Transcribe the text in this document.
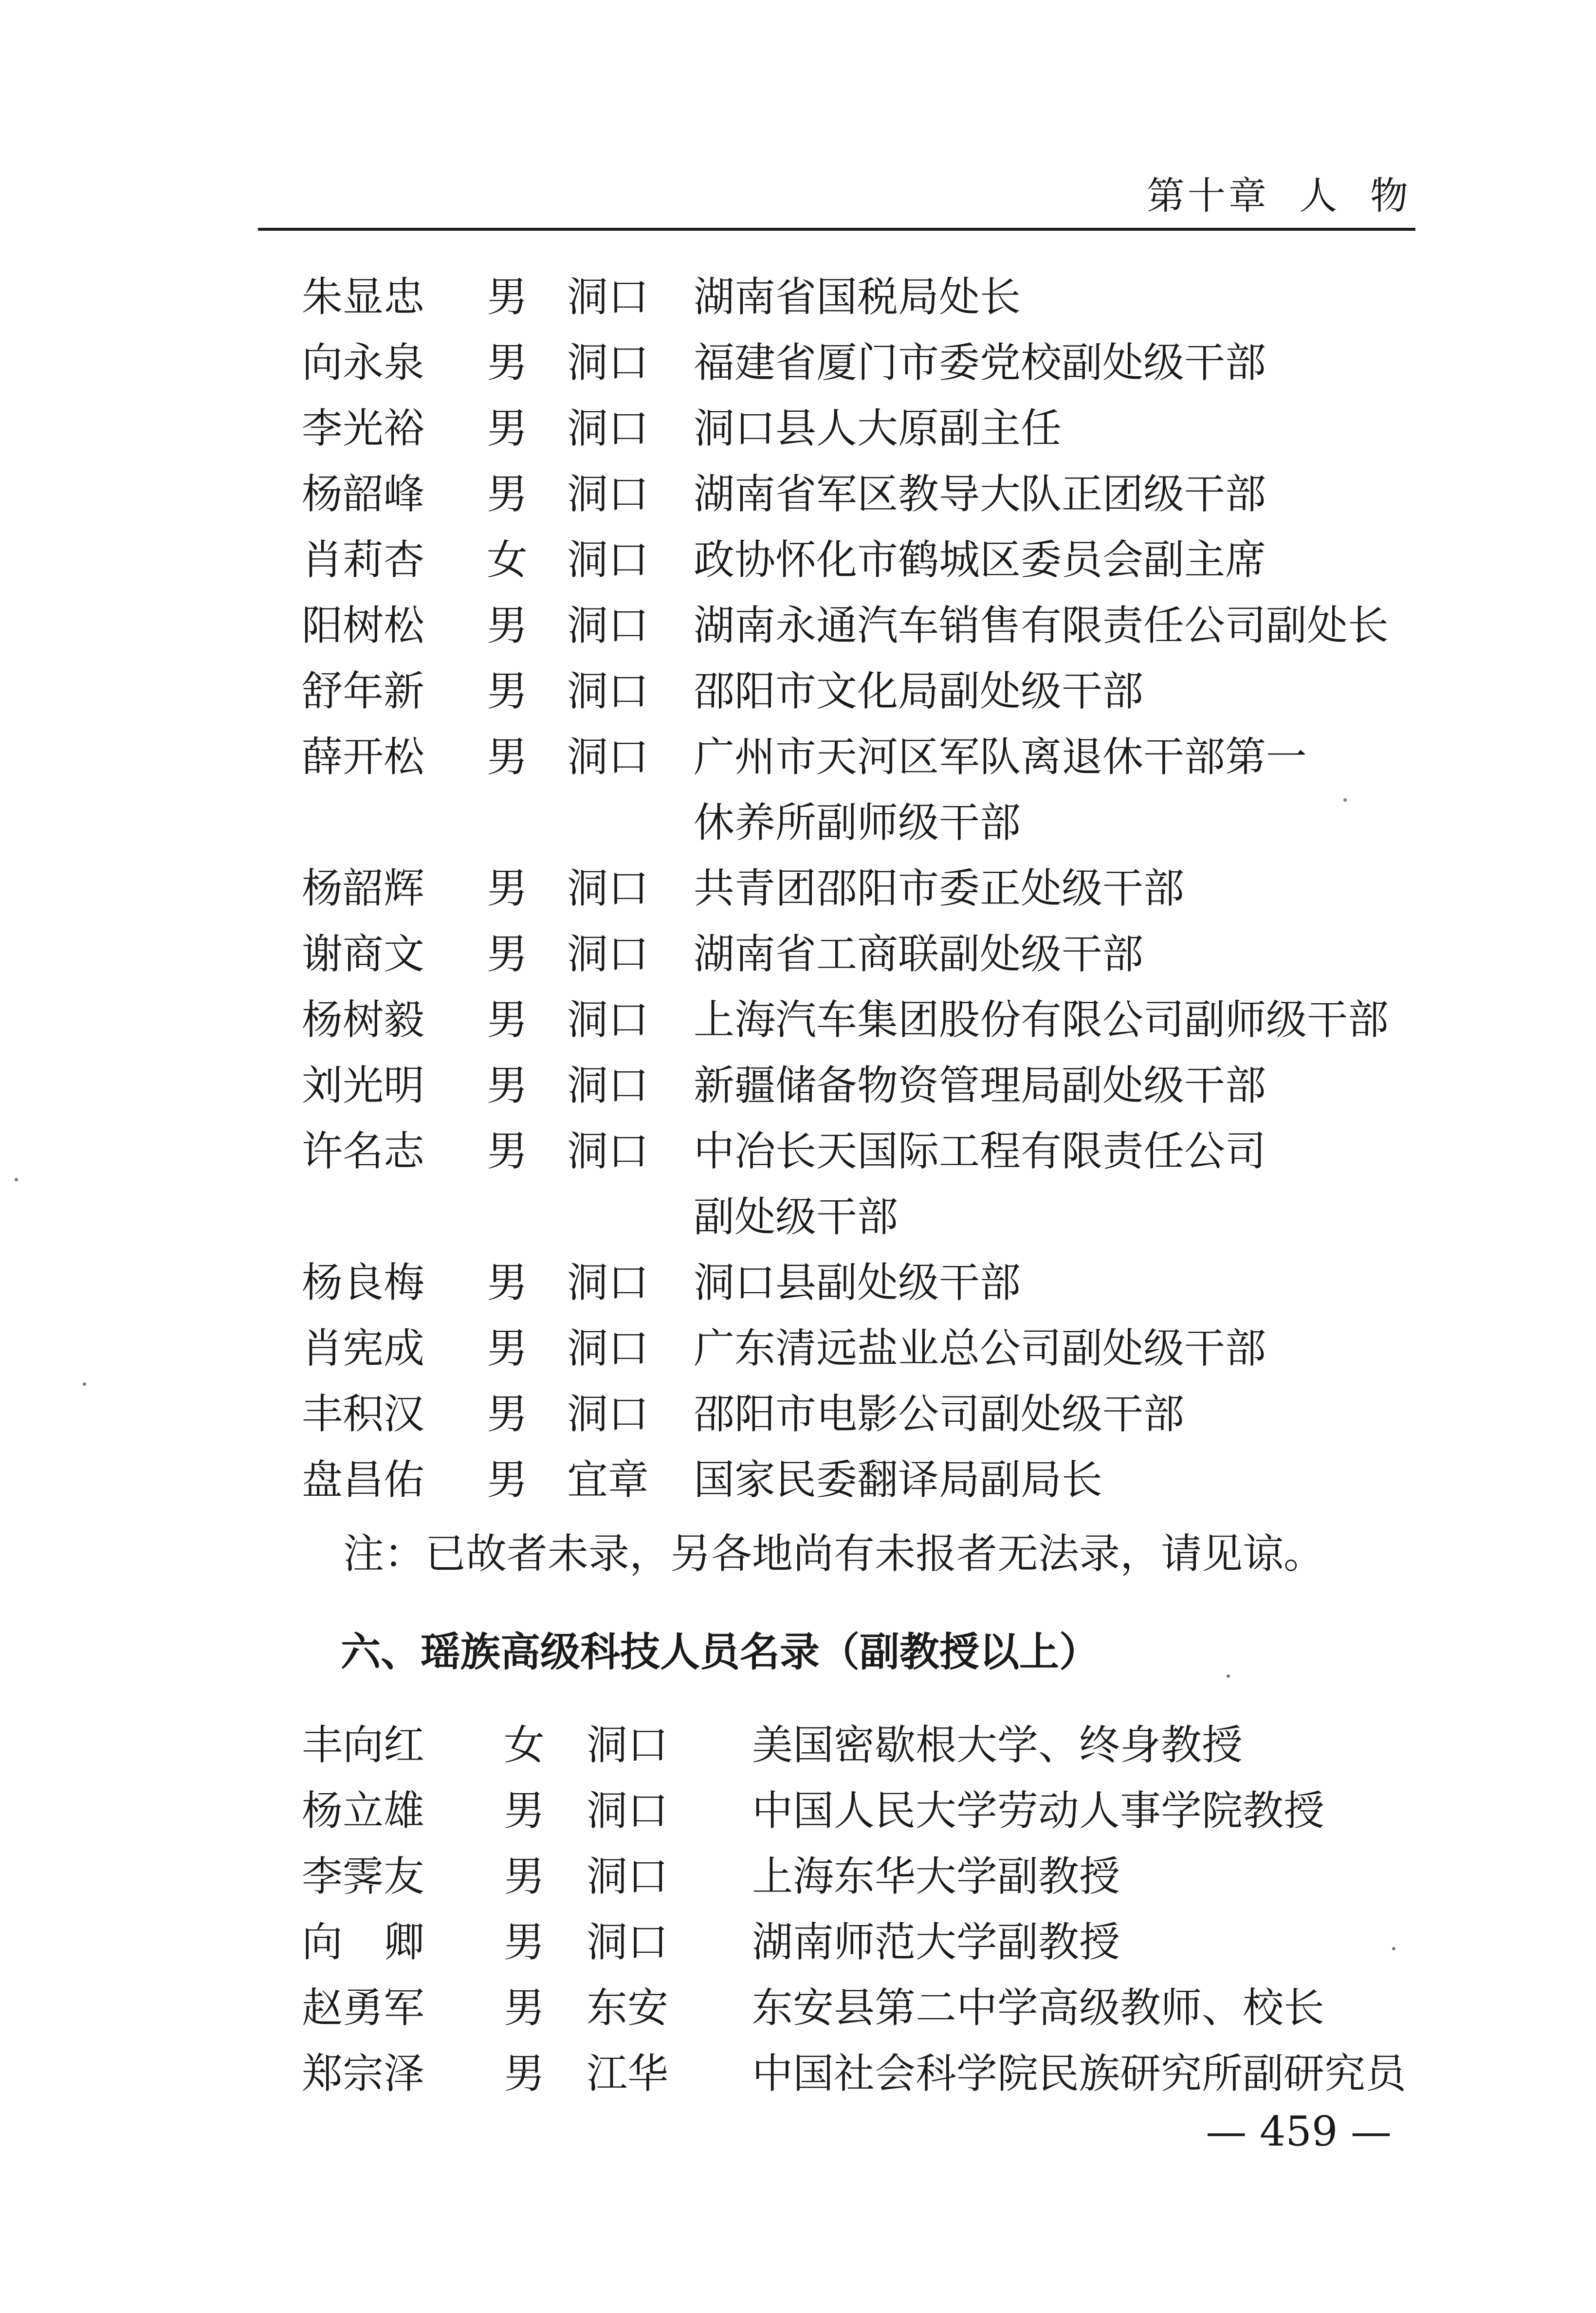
第十章  人  物
朱显忠 男 洞口 湖南省国税局处长
向永泉 男 洞口 福建省厦门市委党校副处级干部
李光裕 男 洞口 洞口县人大原副主任
杨韶峰 男 洞口 湖南省军区教导大队正团级干部
肖莉杏 女 洞口 政协怀化市鹤城区委员会副主席
阳树松 男 洞口 湖南永通汽车销售有限责任公司副处长
舒年新 男 洞口 邵阳市文化局副处级干部
薛开松 男 洞口 广州市天河区军队离退休干部第一
休养所副师级干部
杨韶辉 男 洞口 共青团邵阳市委正处级干部
谢商文 男 洞口 湖南省工商联副处级干部
杨树毅 男 洞口 上海汽车集团股份有限公司副师级干部
刘光明 男 洞口 新疆储备物资管理局副处级干部
许名志 男 洞口 中冶长天国际工程有限责任公司
副处级干部
杨良梅 男 洞口 洞口县副处级干部
肖宪成 男 洞口 广东清远盐业总公司副处级干部
丰积汉 男 洞口 邵阳市电影公司副处级干部
盘昌佑 男 宜章 国家民委翻译局副局长
注：已故者未录，另各地尚有未报者无法录，请见谅。
六、瑶族高级科技人员名录（副教授以上）
丰向红 女 洞口 美国密歇根大学、终身教授
杨立雄 男 洞口 中国人民大学劳动人事学院教授
李霁友 男 洞口 上海东华大学副教授
向　卿 男 洞口 湖南师范大学副教授
赵勇军 男 东安 东安县第二中学高级教师、校长
郑宗泽 男 江华 中国社会科学院民族研究所副研究员
— 459 —
